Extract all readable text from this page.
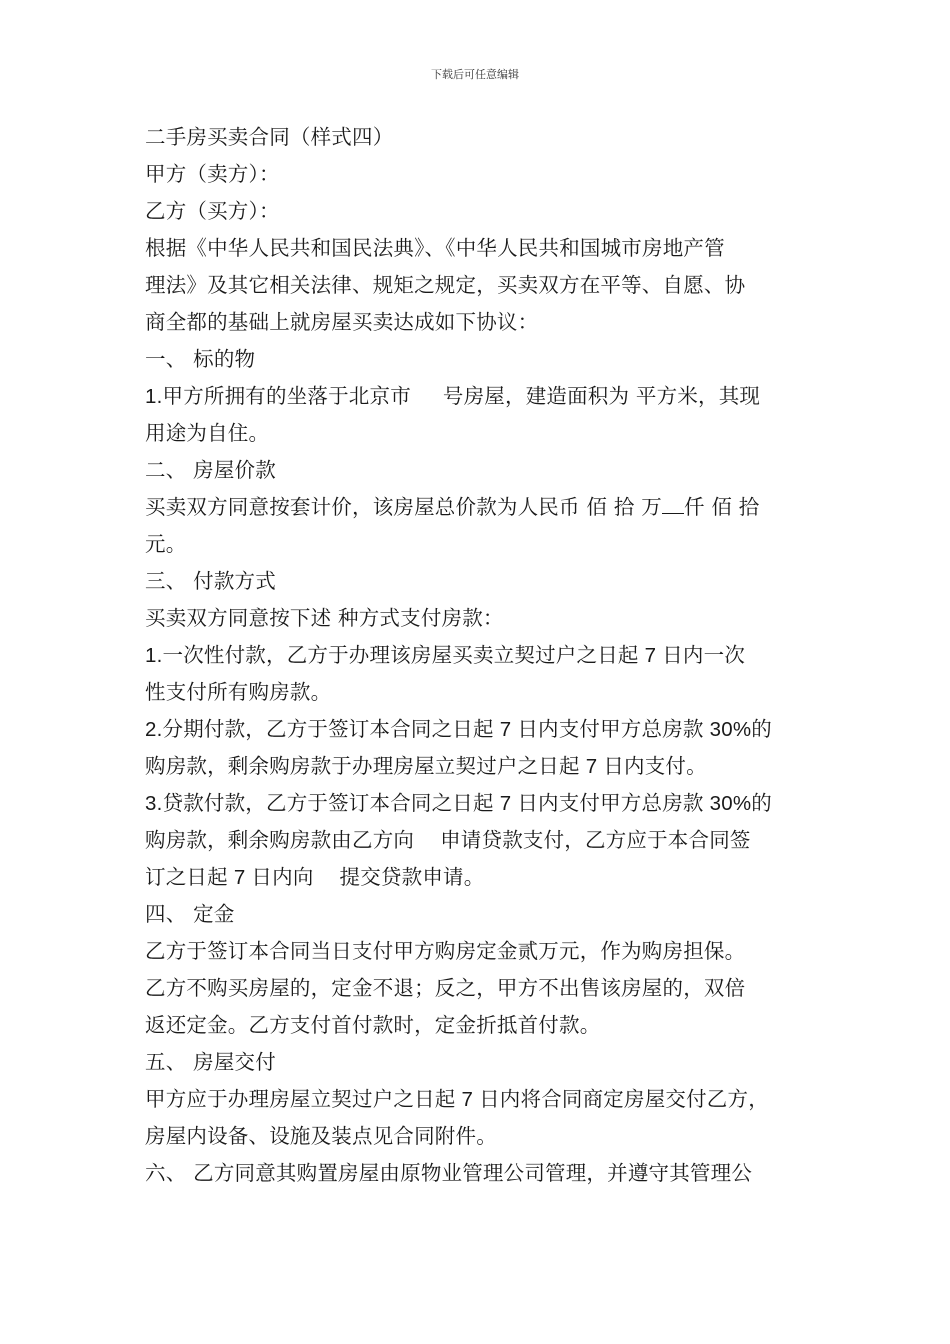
下载后可任意编辑
二手房买卖合同（样式四）
甲方（卖方）：
乙方（买方）：
根据《中华人民共和国民法典》、《中华人民共和国城市房地产管
理法》及其它相关法律、规矩之规定，买卖双方在平等、自愿、协
商全都的基础上就房屋买卖达成如下协议：
一、 标的物
1.甲方所拥有的坐落于北京市 号房屋，建造面积为 平方米，其现
用途为自住。
二、 房屋价款
买卖双方同意按套计价，该房屋总价款为人民币 佰 拾 万 仟 佰 拾
元。
三、 付款方式
买卖双方同意按下述 种方式支付房款：
1.一次性付款，乙方于办理该房屋买卖立契过户之日起 7 日内一次
性支付所有购房款。
2.分期付款，乙方于签订本合同之日起 7 日内支付甲方总房款 30%的
购房款，剩余购房款于办理房屋立契过户之日起 7 日内支付。
3.贷款付款，乙方于签订本合同之日起 7 日内支付甲方总房款 30%的
购房款，剩余购房款由乙方向 申请贷款支付，乙方应于本合同签
订之日起 7 日内向 提交贷款申请。
四、 定金
乙方于签订本合同当日支付甲方购房定金贰万元，作为购房担保。
乙方不购买房屋的，定金不退；反之，甲方不出售该房屋的，双倍
返还定金。乙方支付首付款时，定金折抵首付款。
五、 房屋交付
甲方应于办理房屋立契过户之日起 7 日内将合同商定房屋交付乙方，
房屋内设备、设施及装点见合同附件。
六、 乙方同意其购置房屋由原物业管理公司管理，并遵守其管理公
